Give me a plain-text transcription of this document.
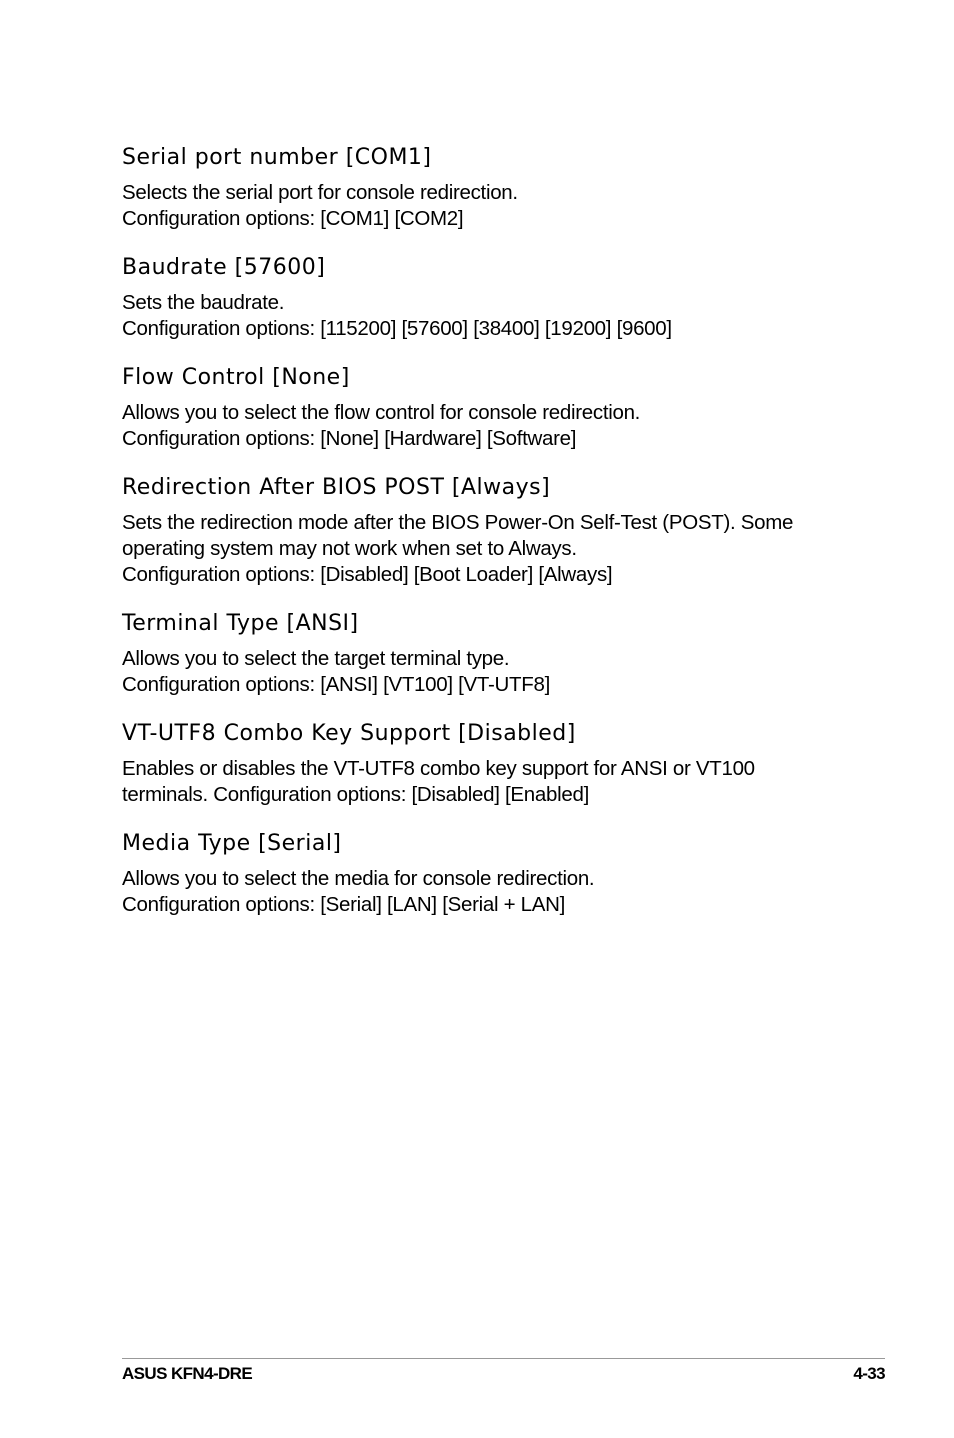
Serial port number [COM1]

Selects the serial port for console redirection.
Configuration options: [COM1] [COM2]

Baudrate [57600]

Sets the baudrate.
Configuration options: [115200] [57600] [38400] [19200] [9600]

Flow Control [None]

Allows you to select the flow control for console redirection.
Configuration options: [None] [Hardware] [Software]

Redirection After BIOS POST [Always]

Sets the redirection mode after the BIOS Power-On Self-Test (POST). Some
operating system may not work when set to Always.
Configuration options: [Disabled] [Boot Loader] [Always]

Terminal Type [ANSI]

Allows you to select the target terminal type.
Configuration options: [ANSI] [VT100] [VT-UTF8]

VT-UTF8 Combo Key Support [Disabled]

Enables or disables the VT-UTF8 combo key support for ANSI or VT100
terminals. Configuration options: [Disabled] [Enabled]

Media Type [Serial]

Allows you to select the media for console redirection.
Configuration options: [Serial] [LAN] [Serial + LAN]

ASUS KFN4-DRE	4-33
